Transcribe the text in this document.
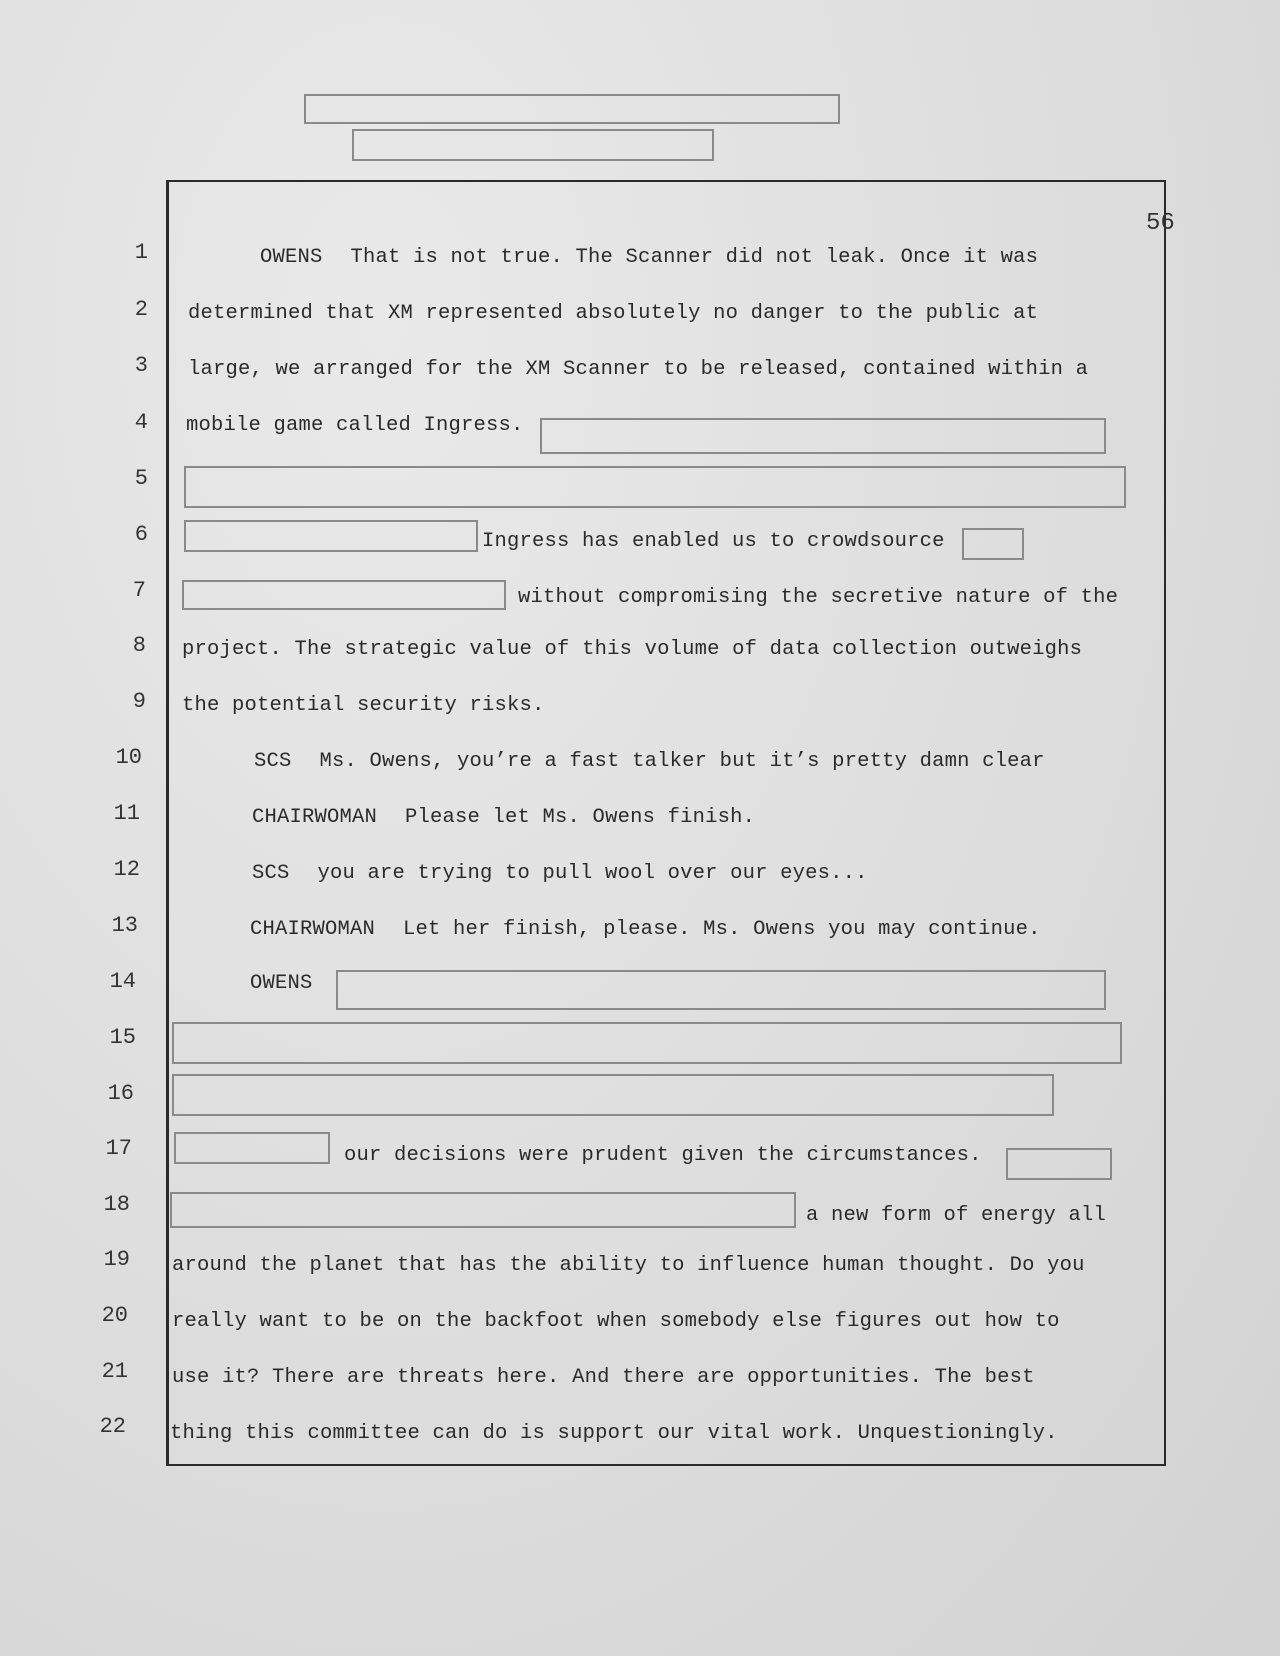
56
1
2
3
4
5
6
7
8
9
10
11
12
13
14
15
16
17
18
19
20
21
22
OWENS That is not true. The Scanner did not leak. Once it was
determined that XM represented absolutely no danger to the public at
large, we arranged for the XM Scanner to be released, contained within a
mobile game called Ingress.
Ingress has enabled us to crowdsource
without compromising the secretive nature of the
project. The strategic value of this volume of data collection outweighs
the potential security risks.
SCS Ms. Owens, you’re a fast talker but it’s pretty damn clear
CHAIRWOMAN Please let Ms. Owens finish.
SCS you are trying to pull wool over our eyes...
CHAIRWOMAN Let her finish, please. Ms. Owens you may continue.
OWENS
our decisions were prudent given the circumstances.
a new form of energy all
around the planet that has the ability to influence human thought. Do you
really want to be on the backfoot when somebody else figures out how to
use it? There are threats here. And there are opportunities. The best
thing this committee can do is support our vital work. Unquestioningly.
